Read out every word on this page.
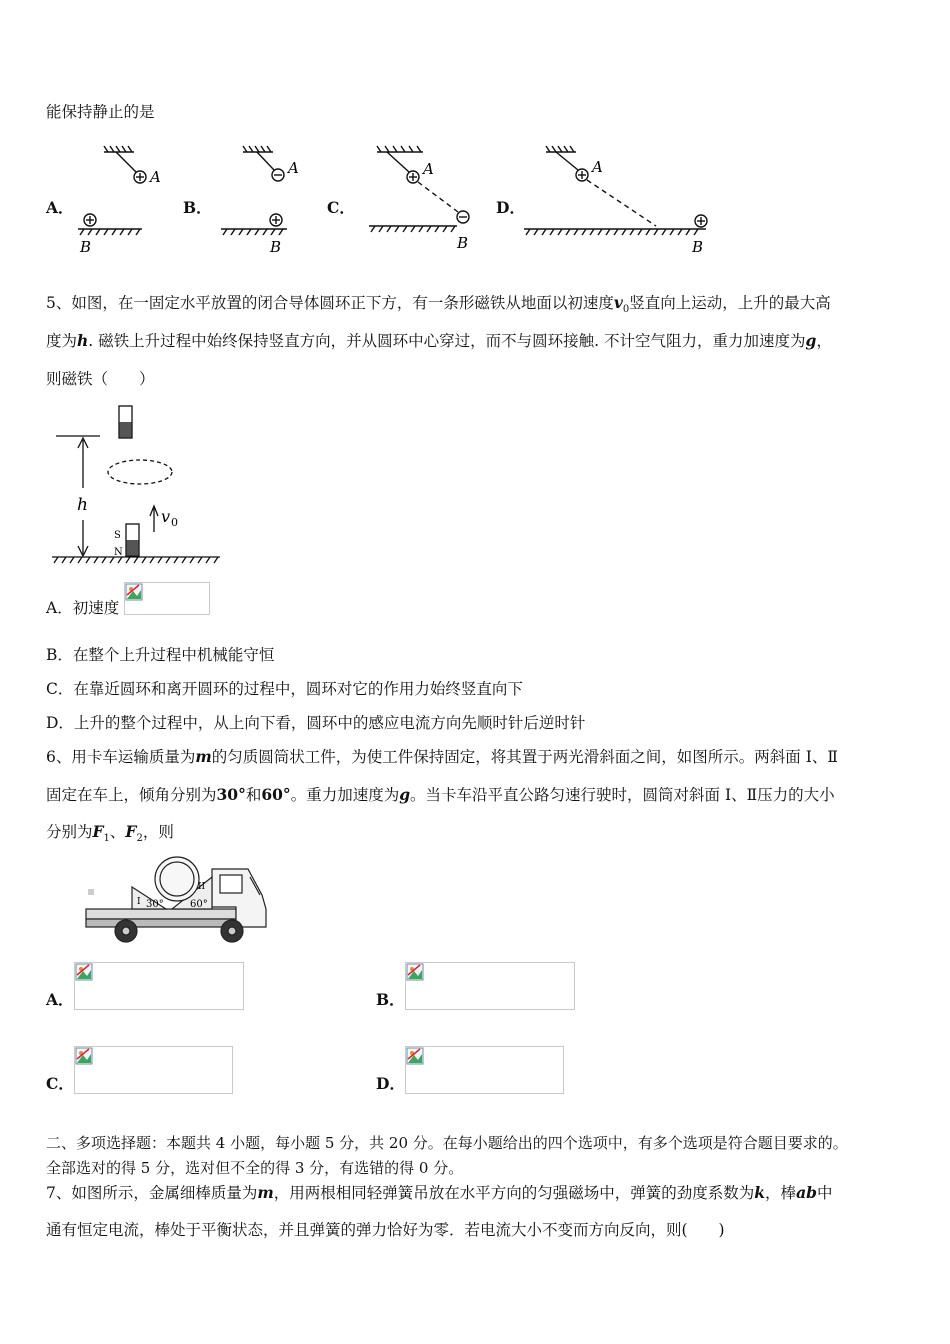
能保持静止的是
A．	B．	C．	D．
A
B
A
B
A
B
A
B
5、如图，在一固定水平放置的闭合导体圆环正下方，有一条形磁铁从地面以初速度$v_0$竖直向上运动，上升的最大高
度为h. 磁铁上升过程中始终保持竖直方向，并从圆环中心穿过，而不与圆环接触. 不计空气阻力，重力加速度为g，
则磁铁（　　）
h
v 0
S
N
A．初速度
B．在整个上升过程中机械能守恒
C．在靠近圆环和离开圆环的过程中，圆环对它的作用力始终竖直向下
D．上升的整个过程中，从上向下看，圆环中的感应电流方向先顺时针后逆时针
6、用卡车运输质量为m的匀质圆筒状工件，为使工件保持固定，将其置于两光滑斜面之间，如图所示。两斜面 Ⅰ、Ⅱ
固定在车上，倾角分别为30°和60°。重力加速度为g。当卡车沿平直公路匀速行驶时，圆筒对斜面 Ⅰ、Ⅱ压力的大小
分别为$F_1$、$F_2$，则
I
II
30°	60°
A．	B．
C．	D．
二、多项选择题：本题共 4 小题，每小题 5 分，共 20 分。在每小题给出的四个选项中，有多个选项是符合题目要求的。
全部选对的得 5 分，选对但不全的得 3 分，有选错的得 0 分。
7、如图所示，金属细棒质量为m，用两根相同轻弹簧吊放在水平方向的匀强磁场中，弹簧的劲度系数为k，棒ab中
通有恒定电流，棒处于平衡状态，并且弹簧的弹力恰好为零．若电流大小不变而方向反向，则(　　)
